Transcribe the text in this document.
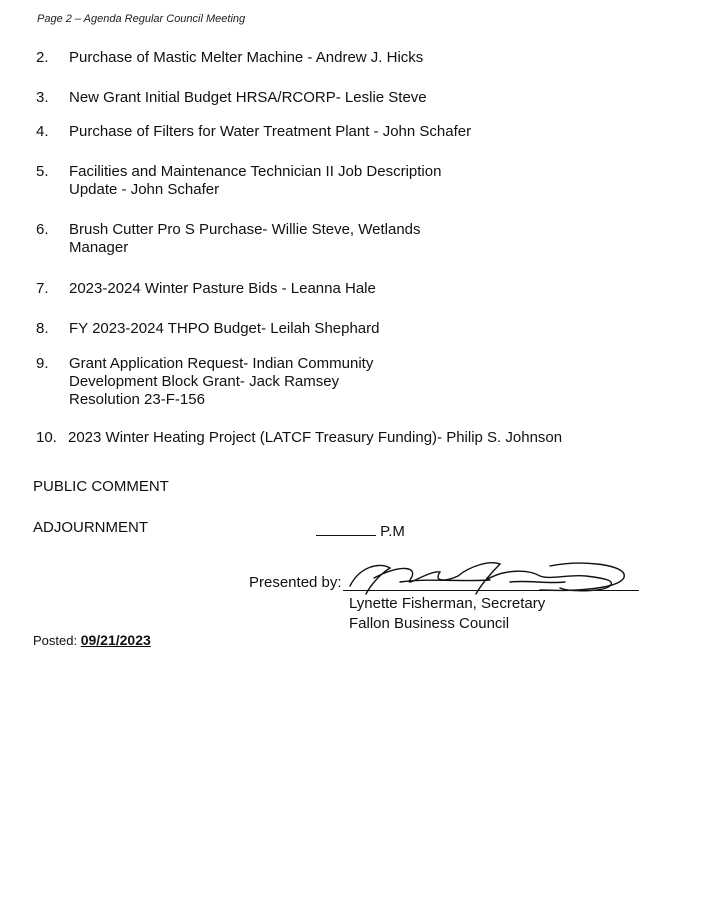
Page 2 – Agenda Regular Council Meeting
2. Purchase of Mastic Melter Machine - Andrew J. Hicks
3. New Grant Initial Budget HRSA/RCORP- Leslie Steve
4. Purchase of Filters for Water Treatment Plant - John Schafer
5. Facilities and Maintenance Technician II Job Description
Update - John Schafer
6. Brush Cutter Pro S Purchase- Willie Steve, Wetlands
Manager
7. 2023-2024 Winter Pasture Bids - Leanna Hale
8. FY 2023-2024 THPO Budget- Leilah Shephard
9. Grant Application Request- Indian Community
Development Block Grant- Jack Ramsey
Resolution 23-F-156
10. 2023 Winter Heating Project (LATCF Treasury Funding)- Philip S. Johnson
PUBLIC COMMENT
ADJOURNMENT	P.M
Presented by:
Lynette Fisherman, Secretary
Fallon Business Council
Posted: 09/21/2023
